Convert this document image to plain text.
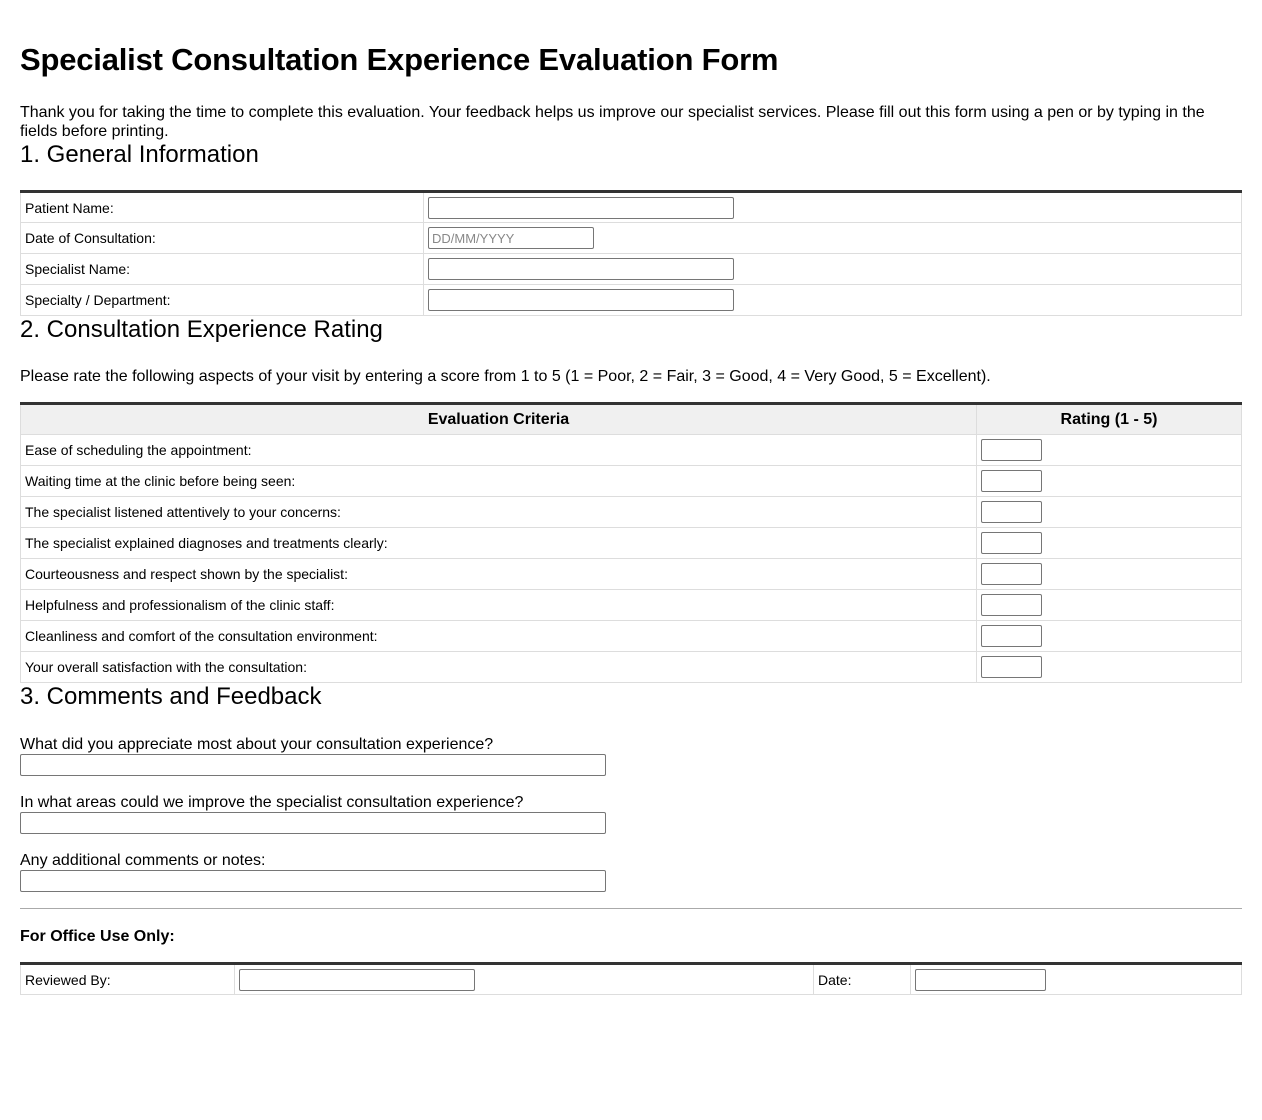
Specialist Consultation Experience Evaluation Form

Thank you for taking the time to complete this evaluation. Your feedback helps us improve our specialist services. Please fill out this form using a pen or by typing in the fields before printing.

1. General Information
Patient Name:	

Date of Consultation:	
DD/MM/YYYY
Specialist Name:	

Specialty / Department:	
2. Consultation Experience Rating

Please rate the following aspects of your visit by entering a score from 1 to 5 (1 = Poor, 2 = Fair, 3 = Good, 4 = Very Good, 5 = Excellent).

Evaluation Criteria	Rating (1 - 5)
Ease of scheduling the appointment:	

Waiting time at the clinic before being seen:	

The specialist listened attentively to your concerns:	

The specialist explained diagnoses and treatments clearly:	

Courteousness and respect shown by the specialist:	

Helpfulness and professionalism of the clinic staff:	

Cleanliness and comfort of the consultation environment:	

Your overall satisfaction with the consultation:	
3. Comments and Feedback
What did you appreciate most about your consultation experience?
In what areas could we improve the specialist consultation experience?
Any additional comments or notes:
For Office Use Only:
Reviewed By:		Date:	
